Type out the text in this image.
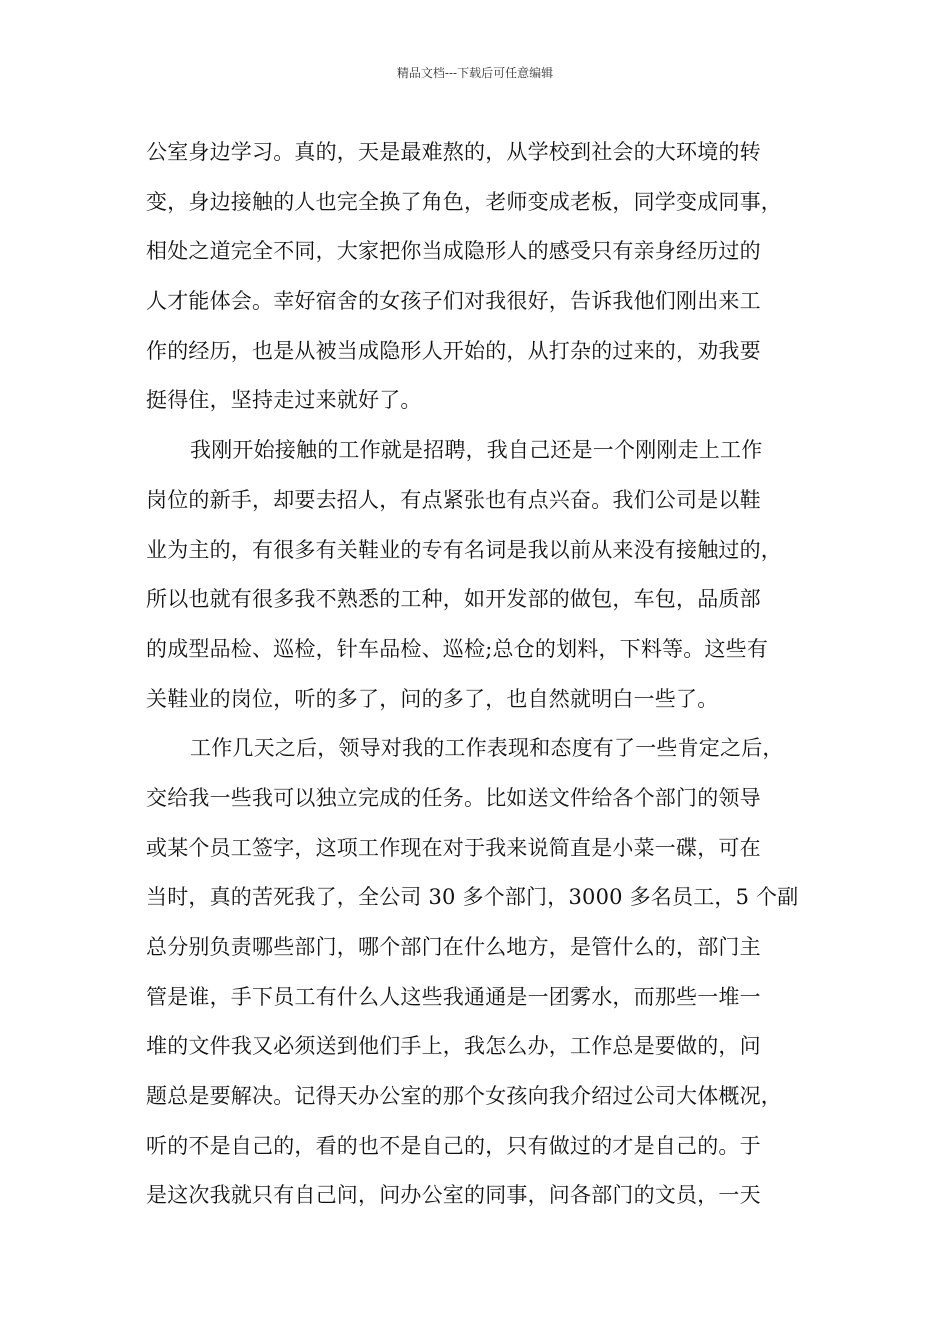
精品文档---下载后可任意编辑
公室身边学习。真的，天是最难熬的，从学校到社会的大环境的转
变，身边接触的人也完全换了角色，老师变成老板，同学变成同事，
相处之道完全不同，大家把你当成隐形人的感受只有亲身经历过的
人才能体会。幸好宿舍的女孩子们对我很好，告诉我他们刚出来工
作的经历，也是从被当成隐形人开始的，从打杂的过来的，劝我要
挺得住，坚持走过来就好了。
我刚开始接触的工作就是招聘，我自己还是一个刚刚走上工作
岗位的新手，却要去招人，有点紧张也有点兴奋。我们公司是以鞋
业为主的，有很多有关鞋业的专有名词是我以前从来没有接触过的，
所以也就有很多我不熟悉的工种，如开发部的做包，车包，品质部
的成型品检、巡检，针车品检、巡检;总仓的划料，下料等。这些有
关鞋业的岗位，听的多了，问的多了，也自然就明白一些了。
工作几天之后，领导对我的工作表现和态度有了一些肯定之后，
交给我一些我可以独立完成的任务。比如送文件给各个部门的领导
或某个员工签字，这项工作现在对于我来说简直是小菜一碟，可在
当时，真的苦死我了，全公司 30 多个部门，3000 多名员工，5 个副
总分别负责哪些部门，哪个部门在什么地方，是管什么的，部门主
管是谁，手下员工有什么人这些我通通是一团雾水，而那些一堆一
堆的文件我又必须送到他们手上，我怎么办，工作总是要做的，问
题总是要解决。记得天办公室的那个女孩向我介绍过公司大体概况，
听的不是自己的，看的也不是自己的，只有做过的才是自己的。于
是这次我就只有自己问，问办公室的同事，问各部门的文员，一天
